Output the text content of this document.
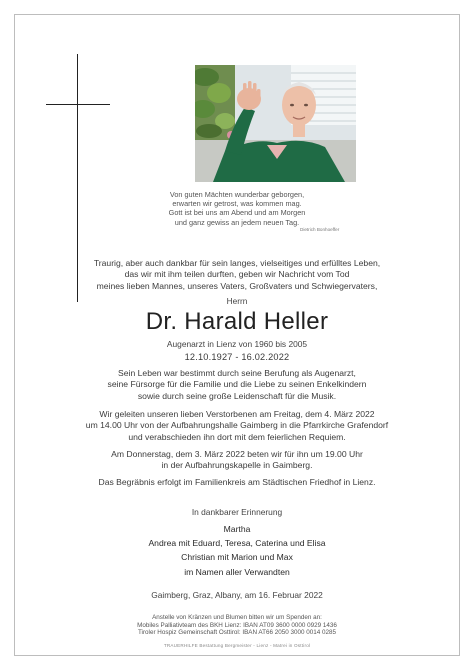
Von guten Mächten wunderbar geborgen,
erwarten wir getrost, was kommen mag.
Gott ist bei uns am Abend und am Morgen
und ganz gewiss an jedem neuen Tag.
Dietrich Bonhoeffer
Traurig, aber auch dankbar für sein langes, vielseitiges und erfülltes Leben,
das wir mit ihm teilen durften, geben wir Nachricht vom Tod
meines lieben Mannes, unseres Vaters, Großvaters und Schwiegervaters,
Herrn
Dr. Harald Heller
Augenarzt in Lienz von 1960 bis 2005
12.10.1927 - 16.02.2022
Sein Leben war bestimmt durch seine Berufung als Augenarzt,
seine Fürsorge für die Familie und die Liebe zu seinen Enkelkindern
sowie durch seine große Leidenschaft für die Musik.
Wir geleiten unseren lieben Verstorbenen am Freitag, dem 4. März 2022
um 14.00 Uhr von der Aufbahrungshalle Gaimberg in die Pfarrkirche Grafendorf
und verabschieden ihn dort mit dem feierlichen Requiem.
Am Donnerstag, dem 3. März 2022 beten wir für ihn um 19.00 Uhr
in der Aufbahrungskapelle in Gaimberg.
Das Begräbnis erfolgt im Familienkreis am Städtischen Friedhof in Lienz.
In dankbarer Erinnerung
Martha
Andrea mit Eduard, Teresa, Caterina und Elisa
Christian mit Marion und Max
im Namen aller Verwandten
Gaimberg, Graz, Albany, am 16. Februar 2022
Anstelle von Kränzen und Blumen bitten wir um Spenden an:
Mobiles Palliativteam des BKH Lienz: IBAN AT09 3600 0000 0929 1436
Tiroler Hospiz Gemeinschaft Osttirol: IBAN AT66 2050 3000 0014 0285
TRAUERHILFE Bestattung Bergmeister - Lienz - Matrei in Osttirol
